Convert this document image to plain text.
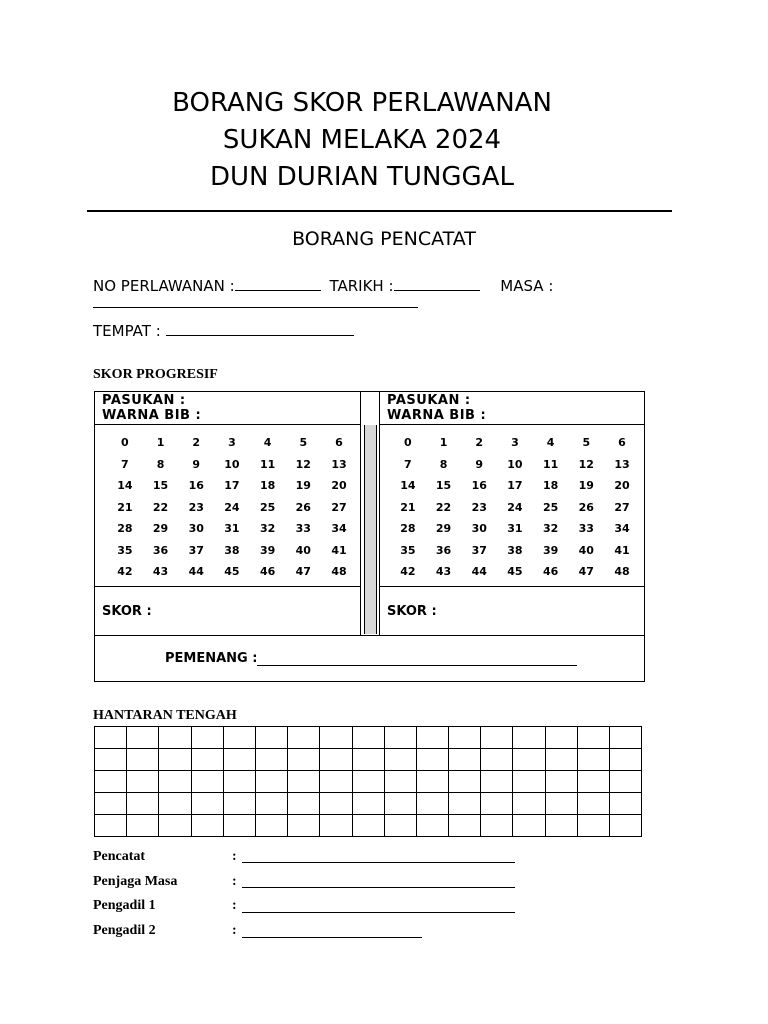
BORANG SKOR PERLAWANAN
SUKAN MELAKA 2024
DUN DURIAN TUNGGAL
BORANG PENCATAT
NO PERLAWANAN :	TARIKH :	MASA :
TEMPAT :
SKOR PROGRESIF
PASUKAN :
WARNA BIB :
0	1	2	3	4	5	6
7	8	9	10	11	12	13
14	15	16	17	18	19	20
21	22	23	24	25	26	27
28	29	30	31	32	33	34
35	36	37	38	39	40	41
42	43	44	45	46	47	48
SKOR :
PASUKAN :
WARNA BIB :
0	1	2	3	4	5	6
7	8	9	10	11	12	13
14	15	16	17	18	19	20
21	22	23	24	25	26	27
28	29	30	31	32	33	34
35	36	37	38	39	40	41
42	43	44	45	46	47	48
SKOR :
PEMENANG :
HANTARAN TENGAH

Pencatat	:
Penjaga Masa	:
Pengadil 1	:
Pengadil 2	:
